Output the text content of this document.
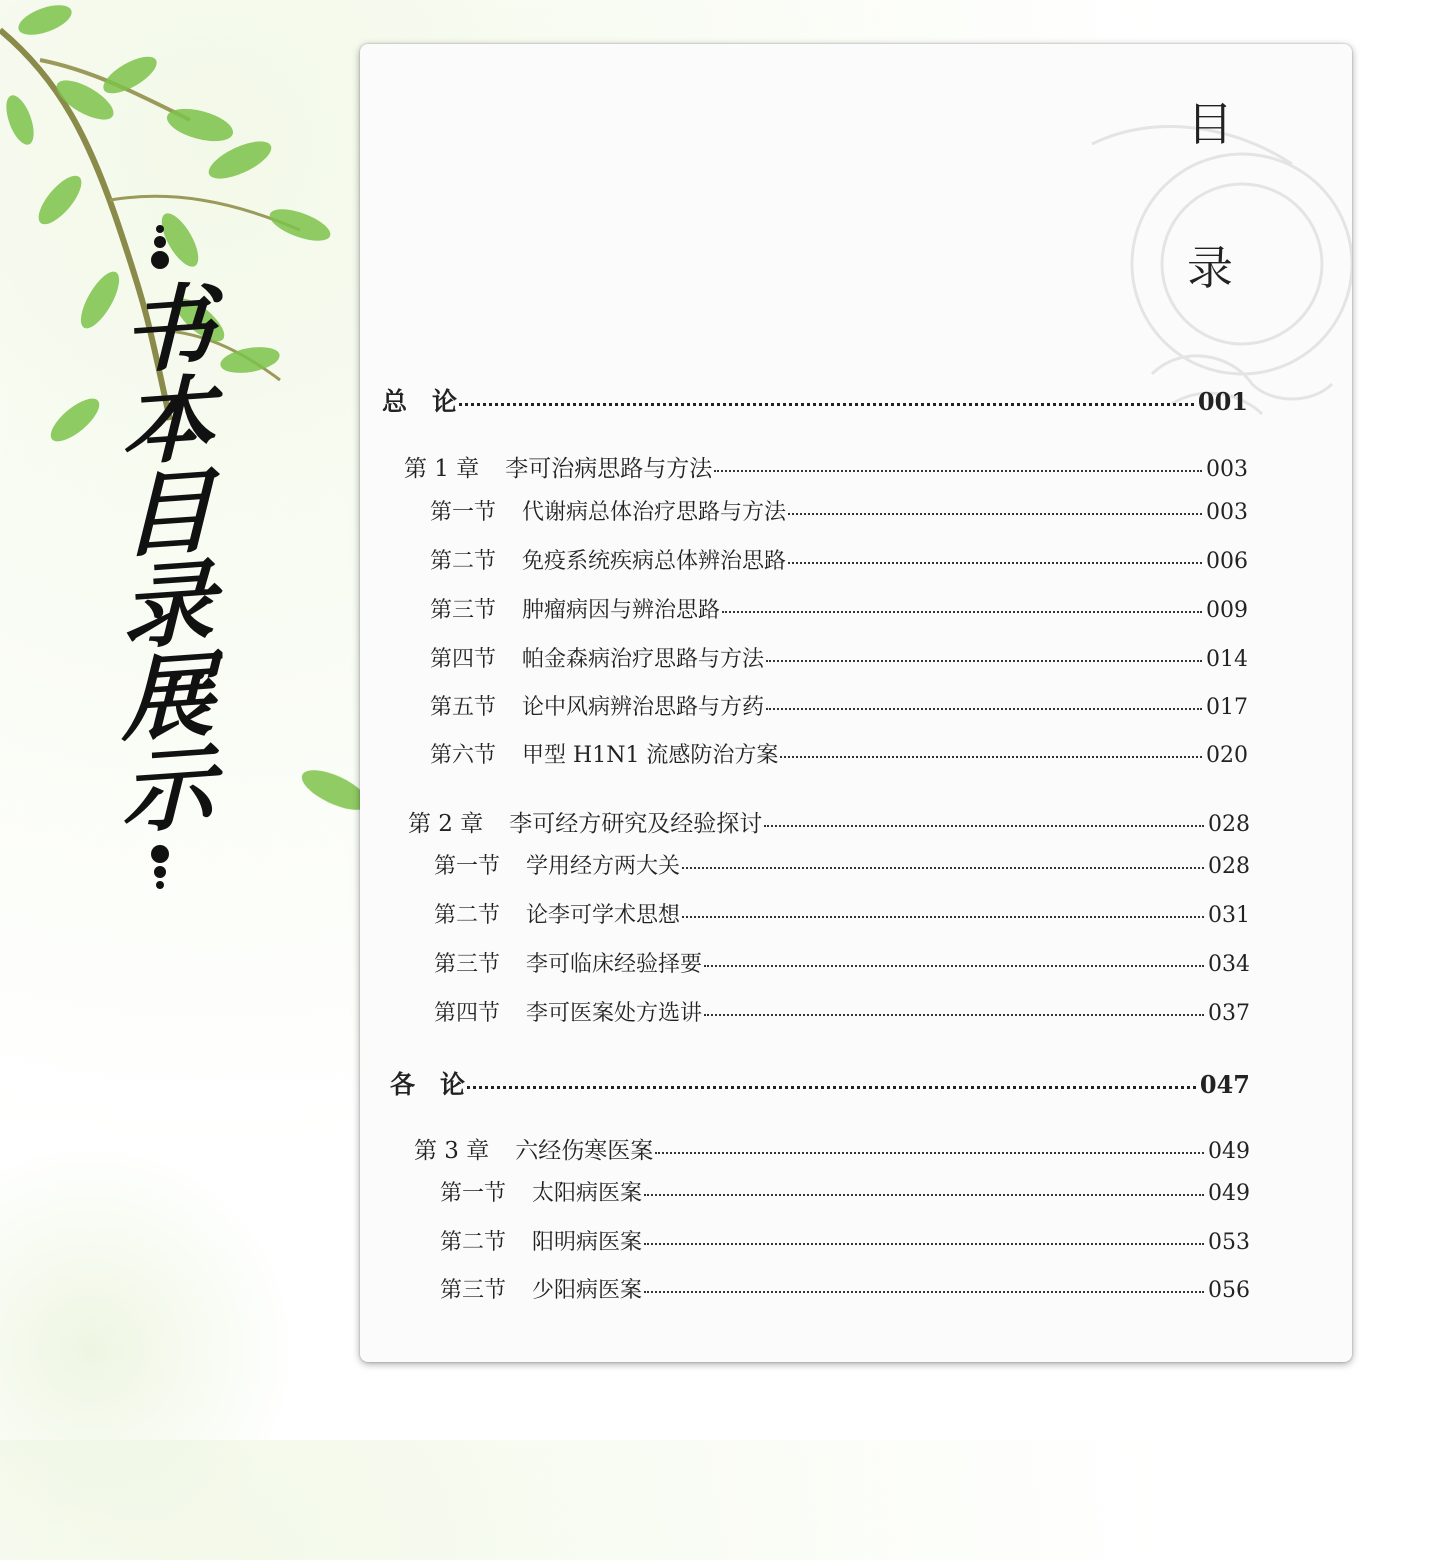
书本目录展示
目
录
总　论	001
第 1 章 李可治病思路与方法	003
第一节 代谢病总体治疗思路与方法	003
第二节 免疫系统疾病总体辨治思路	006
第三节 肿瘤病因与辨治思路	009
第四节 帕金森病治疗思路与方法	014
第五节 论中风病辨治思路与方药	017
第六节 甲型 H1N1 流感防治方案	020
第 2 章 李可经方研究及经验探讨	028
第一节 学用经方两大关	028
第二节 论李可学术思想	031
第三节 李可临床经验择要	034
第四节 李可医案处方选讲	037
各　论	047
第 3 章 六经伤寒医案	049
第一节 太阳病医案	049
第二节 阳明病医案	053
第三节 少阳病医案	056
